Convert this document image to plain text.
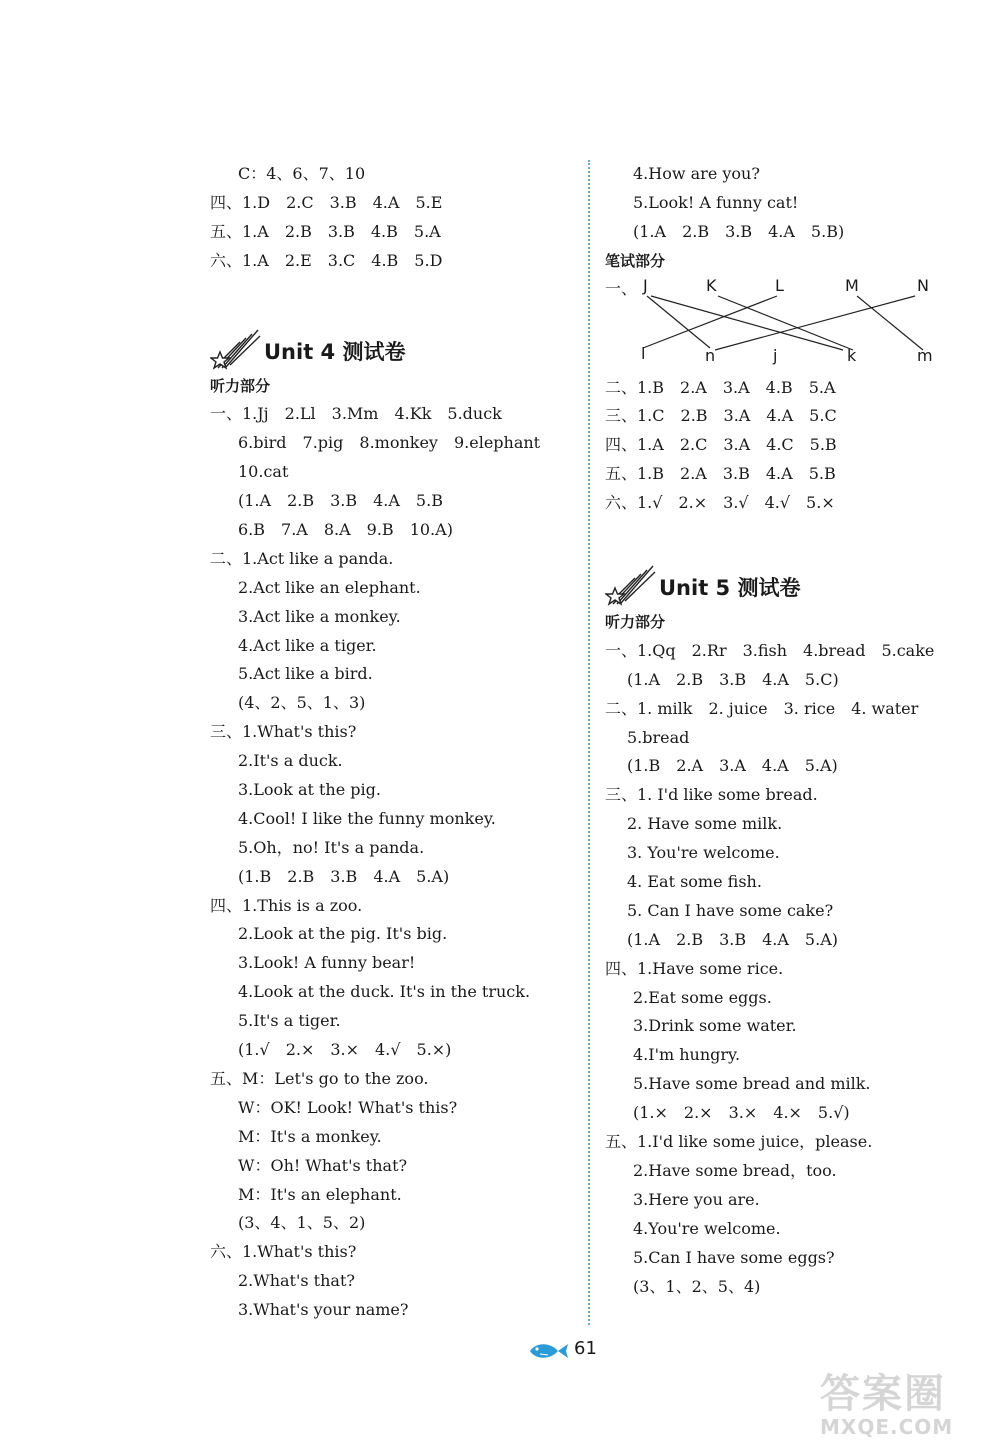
C：4、6、7、10
四、1.D　2.C　3.B　4.A　5.E
五、1.A　2.B　3.B　4.B　5.A
六、1.A　2.E　3.C　4.B　5.D
Unit 4 测试卷
听力部分
一、1.Jj　2.Ll　3.Mm　4.Kk　5.duck
6.bird　7.pig　8.monkey　9.elephant
10.cat
(1.A　2.B　3.B　4.A　5.B
6.B　7.A　8.A　9.B　10.A)
二、1.Act like a panda.
2.Act like an elephant.
3.Act like a monkey.
4.Act like a tiger.
5.Act like a bird.
(4、2、5、1、3)
三、1.What's this?
2.It's a duck.
3.Look at the pig.
4.Cool! I like the funny monkey.
5.Oh，no! It's a panda.
(1.B　2.B　3.B　4.A　5.A)
四、1.This is a zoo.
2.Look at the pig. It's big.
3.Look! A funny bear!
4.Look at the duck. It's in the truck.
5.It's a tiger.
(1.√　2.×　3.×　4.√　5.×)
五、M：Let's go to the zoo.
W：OK! Look! What's this?
M：It's a monkey.
W：Oh! What's that?
M：It's an elephant.
(3、4、1、5、2)
六、1.What's this?
2.What's that?
3.What's your name?
4.How are you?
5.Look! A funny cat!
(1.A　2.B　3.B　4.A　5.B)
笔试部分
一、 J	K	L	M	N
l	n	j	k	m
二、1.B　2.A　3.A　4.B　5.A
三、1.C　2.B　3.A　4.A　5.C
四、1.A　2.C　3.A　4.C　5.B
五、1.B　2.A　3.B　4.A　5.B
六、1.√　2.×　3.√　4.√　5.×
Unit 5 测试卷
听力部分
一、1.Qq　2.Rr　3.fish　4.bread　5.cake
(1.A　2.B　3.B　4.A　5.C)
二、1. milk　2. juice　3. rice　4. water
5.bread
(1.B　2.A　3.A　4.A　5.A)
三、1. I'd like some bread.
2. Have some milk.
3. You're welcome.
4. Eat some fish.
5. Can I have some cake?
(1.A　2.B　3.B　4.A　5.A)
四、1.Have some rice.
2.Eat some eggs.
3.Drink some water.
4.I'm hungry.
5.Have some bread and milk.
(1.×　2.×　3.×　4.×　5.√)
五、1.I'd like some juice，please.
2.Have some bread，too.
3.Here you are.
4.You're welcome.
5.Can I have some eggs?
(3、1、2、5、4)
61
答案圈
MXQE.COM
